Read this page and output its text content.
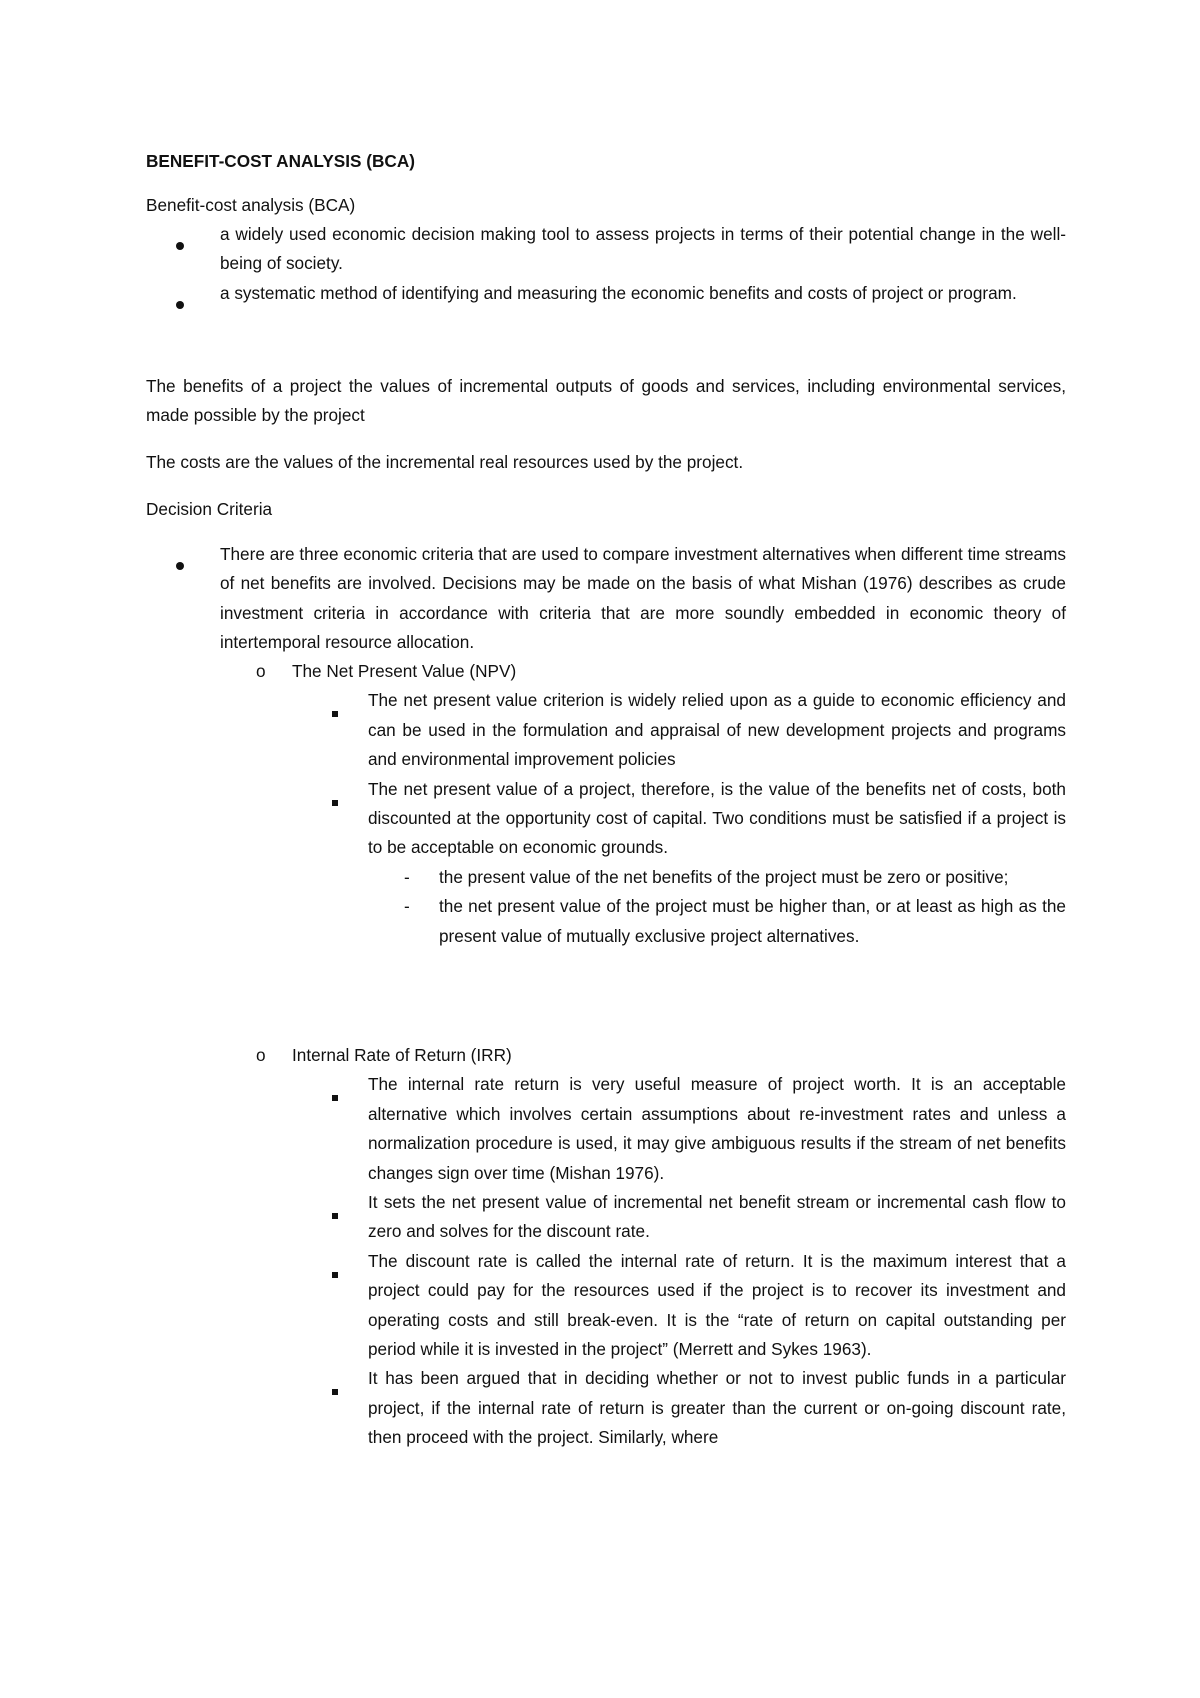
BENEFIT-COST ANALYSIS (BCA)

Benefit-cost analysis (BCA)

a widely used economic decision making tool to assess projects in terms of their potential change in the well-being of society.

a systematic method of identifying and measuring the economic benefits and costs of project or program.

The benefits of a project the values of incremental outputs of goods and services, including environmental services, made possible by the project

The costs are the values of the incremental real resources used by the project.

Decision Criteria

There are three economic criteria that are used to compare investment alternatives when different time streams of net benefits are involved. Decisions may be made on the basis of what Mishan (1976) describes as crude investment criteria in accordance with criteria that are more soundly embedded in economic theory of intertemporal resource allocation.

o The Net Present Value (NPV)

The net present value criterion is widely relied upon as a guide to economic efficiency and can be used in the formulation and appraisal of new development projects and programs and environmental improvement policies

The net present value of a project, therefore, is the value of the benefits net of costs, both discounted at the opportunity cost of capital. Two conditions must be satisfied if a project is to be acceptable on economic grounds.

- the present value of the net benefits of the project must be zero or positive;

- the net present value of the project must be higher than, or at least as high as the present value of mutually exclusive project alternatives.

o Internal Rate of Return (IRR)

The internal rate return is very useful measure of project worth. It is an acceptable alternative which involves certain assumptions about re-investment rates and unless a normalization procedure is used, it may give ambiguous results if the stream of net benefits changes sign over time (Mishan 1976).

It sets the net present value of incremental net benefit stream or incremental cash flow to zero and solves for the discount rate.

The discount rate is called the internal rate of return. It is the maximum interest that a project could pay for the resources used if the project is to recover its investment and operating costs and still break-even. It is the “rate of return on capital outstanding per period while it is invested in the project” (Merrett and Sykes 1963).

It has been argued that in deciding whether or not to invest public funds in a particular project, if the internal rate of return is greater than the current or on-going discount rate, then proceed with the project. Similarly, where
